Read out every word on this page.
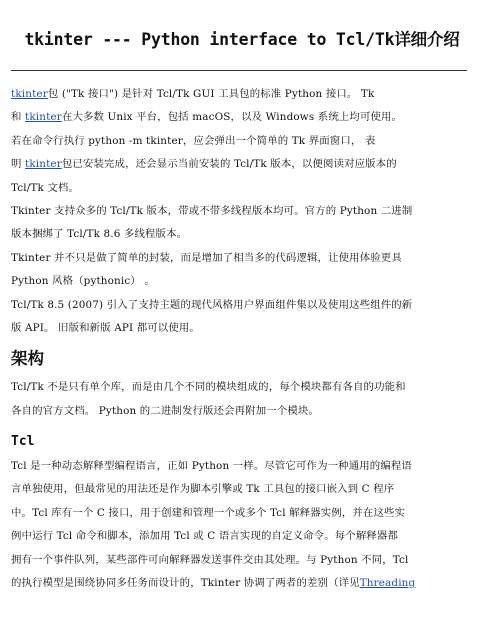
tkinter --- Python interface to Tcl/Tk详细介绍
tkinter包 ("Tk 接口") 是针对 Tcl/Tk GUI 工具包的标准 Python 接口。 Tk
和 tkinter在大多数 Unix 平台，包括 macOS，以及 Windows 系统上均可使用。
若在命令行执行 python -m tkinter，应会弹出一个简单的 Tk 界面窗口， 表
明 tkinter包已安装完成，还会显示当前安装的 Tcl/Tk 版本，以便阅读对应版本的
Tcl/Tk 文档。
Tkinter 支持众多的 Tcl/Tk 版本，带或不带多线程版本均可。官方的 Python 二进制
版本捆绑了 Tcl/Tk 8.6 多线程版本。
Tkinter 并不只是做了简单的封装，而是增加了相当多的代码逻辑，让使用体验更具
Python 风格（pythonic） 。
Tcl/Tk 8.5 (2007) 引入了支持主题的现代风格用户界面组件集以及使用这些组件的新
版 API。 旧版和新版 API 都可以使用。
架构
Tcl/Tk 不是只有单个库，而是由几个不同的模块组成的，每个模块都有各自的功能和
各自的官方文档。 Python 的二进制发行版还会再附加一个模块。
Tcl
Tcl 是一种动态解释型编程语言，正如 Python 一样。尽管它可作为一种通用的编程语
言单独使用，但最常见的用法还是作为脚本引擎或 Tk 工具包的接口嵌入到 C 程序
中。Tcl 库有一个 C 接口，用于创建和管理一个或多个 Tcl 解释器实例，并在这些实
例中运行 Tcl 命令和脚本，添加用 Tcl 或 C 语言实现的自定义命令。每个解释器都
拥有一个事件队列，某些部件可向解释器发送事件交由其处理。与 Python 不同，Tcl
的执行模型是围绕协同多任务而设计的，Tkinter 协调了两者的差别（详见Threading
